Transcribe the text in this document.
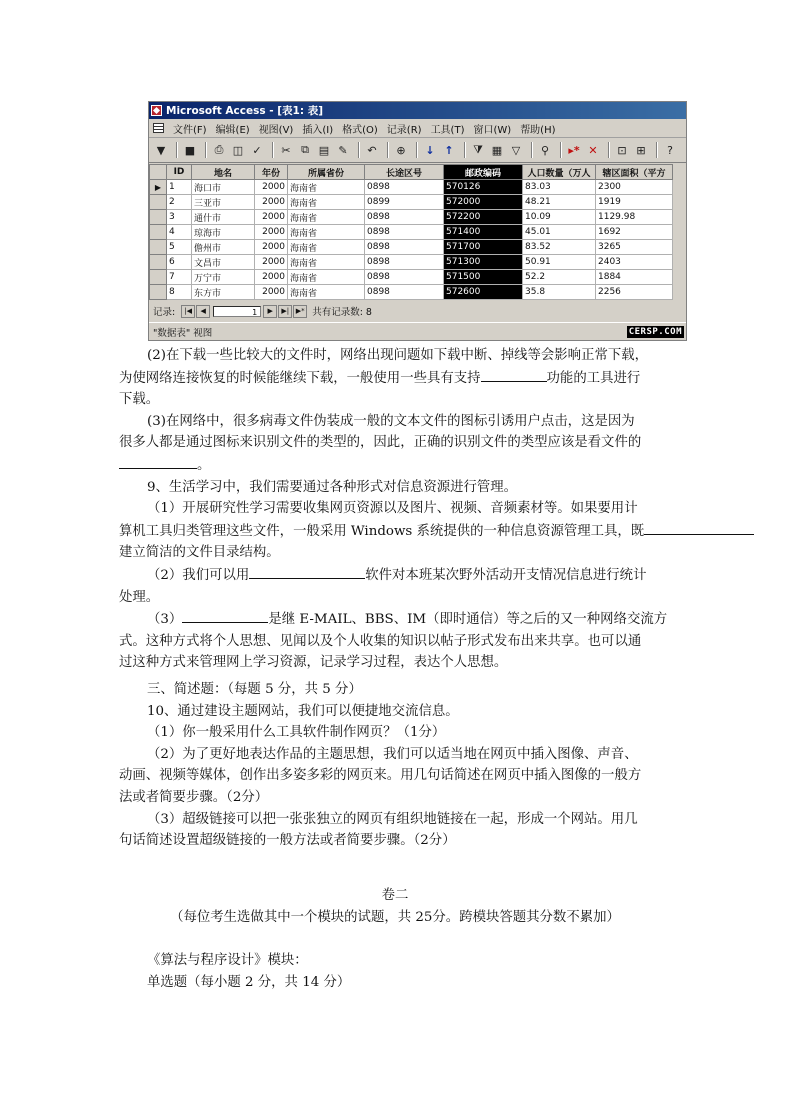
Microsoft Access - [表1: 表]
文件(F) 编辑(E) 视图(V) 插入(I) 格式(O) 记录(R) 工具(T) 窗口(W) 帮助(H)
▼	■	⎙ ◫ ✓	✂ ⧉ ▤ ✎	↶	⊕	↓ ↑	⧩ ▦ ▽	⚲	▸* ✕	⊡ ⊞	?
	ID	地名	年份	所属省份	长途区号	邮政编码	人口数量（万人	辖区面积（平方
▶	1	海口市	2000	海南省	0898	570126	83.03	2300
	2	三亚市	2000	海南省	0899	572000	48.21	1919
	3	通什市	2000	海南省	0898	572200	10.09	1129.98
	4	琼海市	2000	海南省	0898	571400	45.01	1692
	5	儋州市	2000	海南省	0898	571700	83.52	3265
	6	文昌市	2000	海南省	0898	571300	50.91	2403
	7	万宁市	2000	海南省	0898	571500	52.2	1884
	8	东方市	2000	海南省	0898	572600	35.8	2256
记录:	|◀	◀	1	▶	▶| ▶* 共有记录数: 8
"数据表" 视图	CERSP.COM
(2)在下载一些比较大的文件时，网络出现问题如下载中断、掉线等会影响正常下载，
为使网络连接恢复的时候能继续下载，一般使用一些具有支持	功能的工具进行
下载。
(3)在网络中，很多病毒文件伪装成一般的文本文件的图标引诱用户点击，这是因为
很多人都是通过图标来识别文件的类型的，因此，正确的识别文件的类型应该是看文件的
。
9、生活学习中，我们需要通过各种形式对信息资源进行管理。
（1）开展研究性学习需要收集网页资源以及图片、视频、音频素材等。如果要用计
算机工具归类管理这些文件，一般采用 Windows 系统提供的一种信息资源管理工具，既
建立简洁的文件目录结构。
（2）我们可以用	软件对本班某次野外活动开支情况信息进行统计
处理。
（3）	是继 E-MAIL、BBS、IM（即时通信）等之后的又一种网络交流方
式。这种方式将个人思想、见闻以及个人收集的知识以帖子形式发布出来共享。也可以通
过这种方式来管理网上学习资源，记录学习过程，表达个人思想。
三、简述题：（每题 5 分，共 5 分）
10、通过建设主题网站，我们可以便捷地交流信息。
（1）你一般采用什么工具软件制作网页？（1分）
（2）为了更好地表达作品的主题思想，我们可以适当地在网页中插入图像、声音、
动画、视频等媒体，创作出多姿多彩的网页来。用几句话简述在网页中插入图像的一般方
法或者简要步骤。（2分）
（3）超级链接可以把一张张独立的网页有组织地链接在一起，形成一个网站。用几
句话简述设置超级链接的一般方法或者简要步骤。（2分）
卷二
（每位考生选做其中一个模块的试题，共 25分。跨模块答题其分数不累加）
《算法与程序设计》模块：
单选题（每小题 2 分，共 14 分）
